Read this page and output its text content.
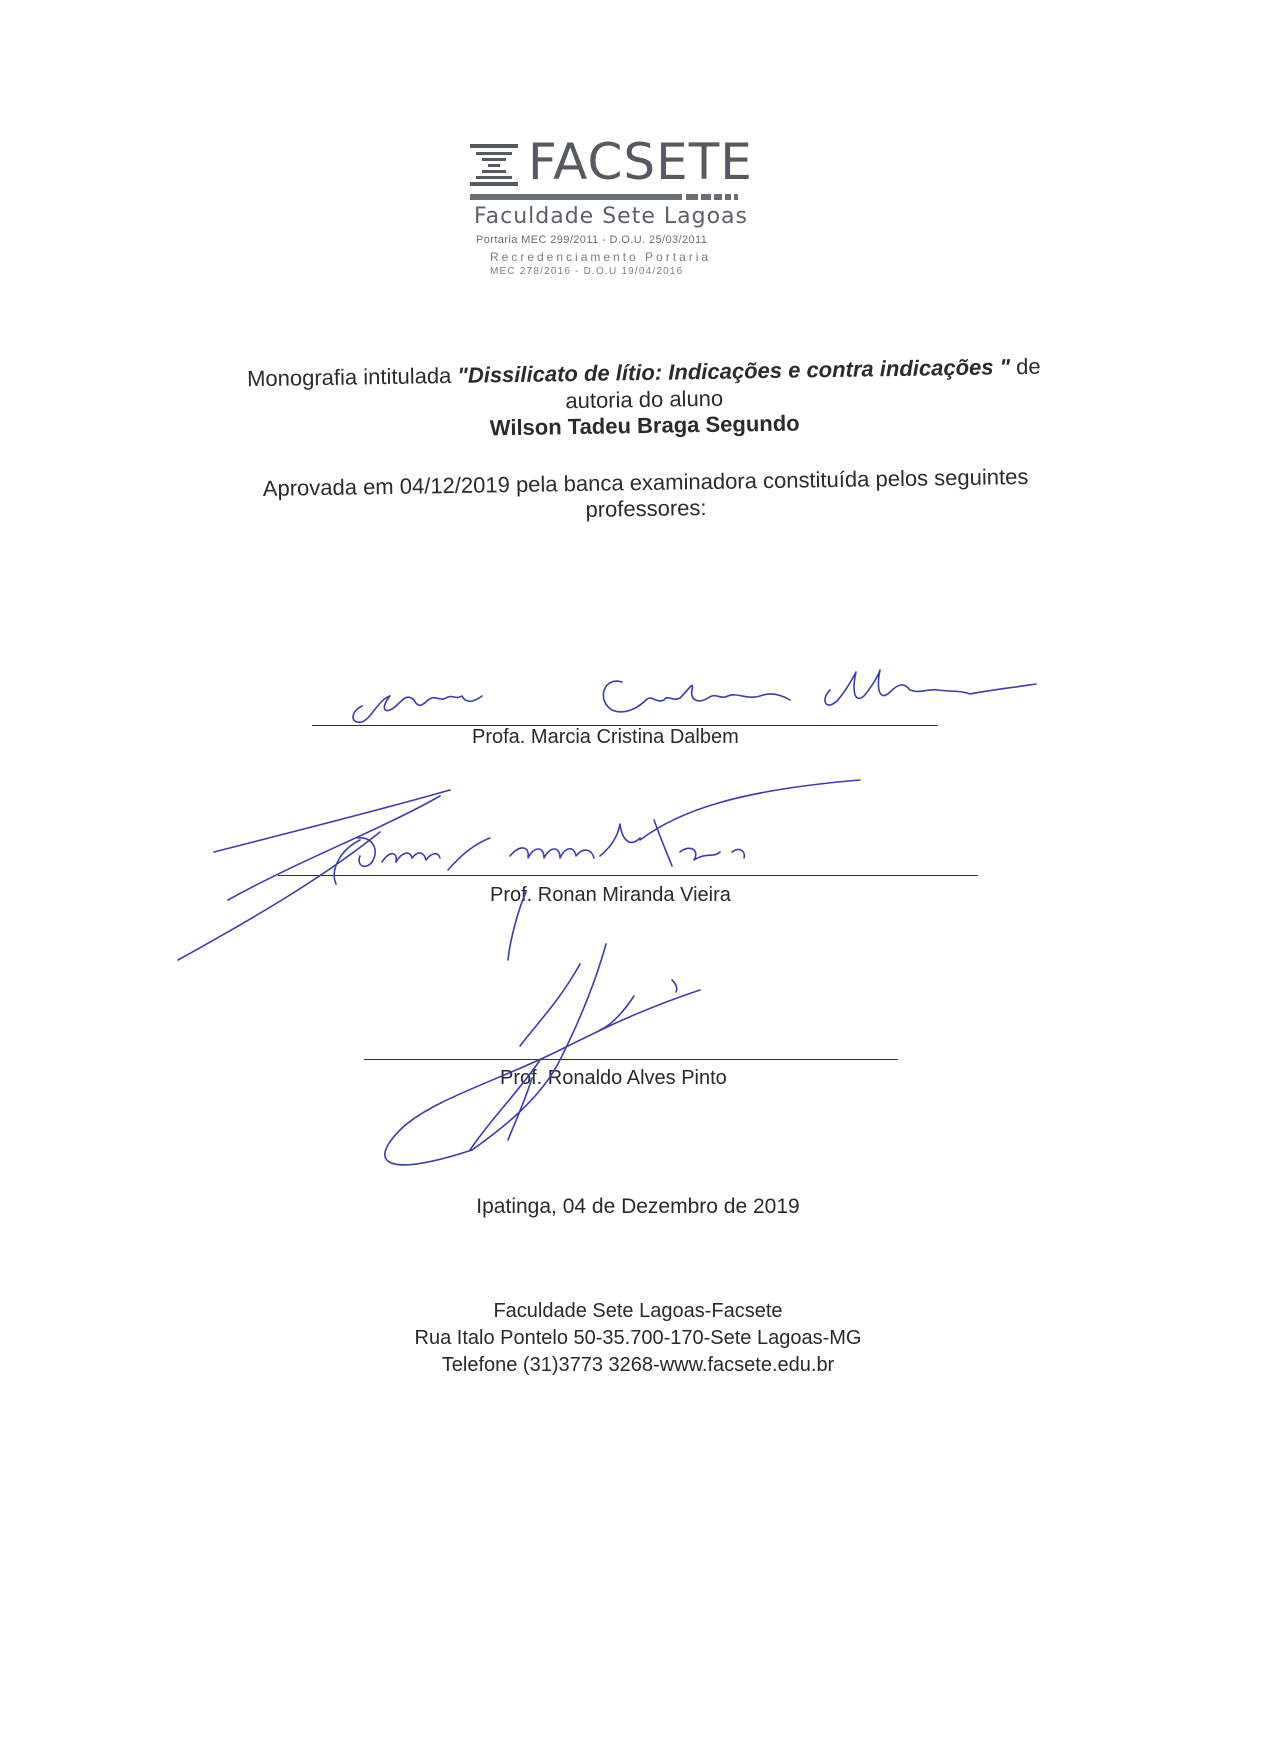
FACSETE
Faculdade Sete Lagoas
Portaria MEC 299/2011 - D.O.U. 25/03/2011
Recredenciamento Portaria
MEC 278/2016 - D.O.U 19/04/2016
Monografia intitulada "Dissilicato de lítio: Indicações e contra indicações " de
autoria do aluno
Wilson Tadeu Braga Segundo
Aprovada em 04/12/2019 pela banca examinadora constituída pelos seguintes
professores:
Profa. Marcia Cristina Dalbem
Prof. Ronan Miranda Vieira
Prof. Ronaldo Alves Pinto
Ipatinga, 04 de Dezembro de 2019
Faculdade Sete Lagoas-Facsete
Rua Italo Pontelo 50-35.700-170-Sete Lagoas-MG
Telefone (31)3773 3268-www.facsete.edu.br
